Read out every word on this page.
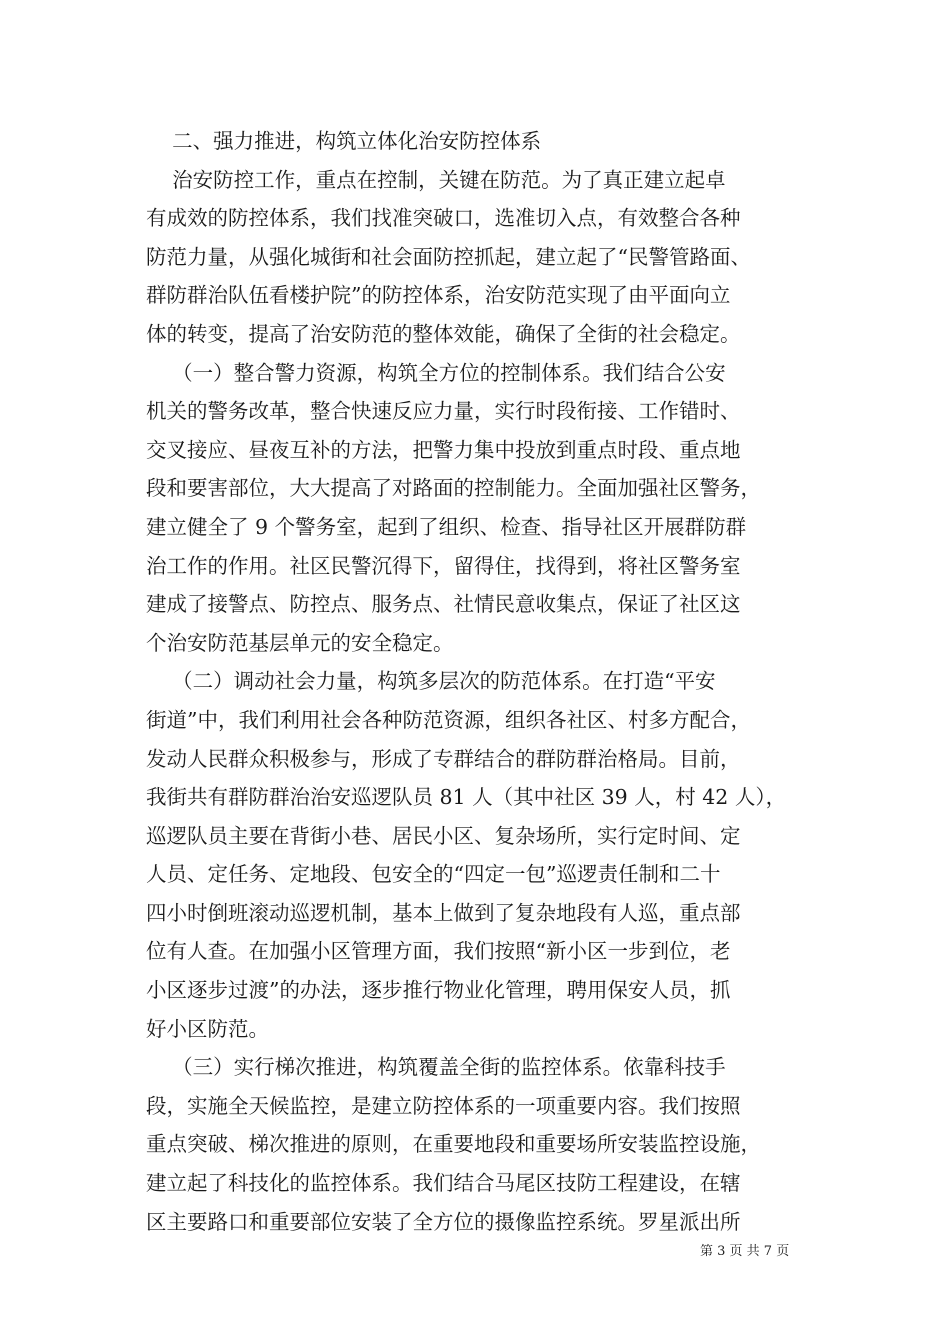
二、强力推进，构筑立体化治安防控体系
治安防控工作，重点在控制，关键在防范。为了真正建立起卓
有成效的防控体系，我们找准突破口，选准切入点，有效整合各种
防范力量，从强化城街和社会面防控抓起，建立起了“民警管路面、
群防群治队伍看楼护院”的防控体系，治安防范实现了由平面向立
体的转变，提高了治安防范的整体效能，确保了全街的社会稳定。
（一）整合警力资源，构筑全方位的控制体系。我们结合公安
机关的警务改革，整合快速反应力量，实行时段衔接、工作错时、
交叉接应、昼夜互补的方法，把警力集中投放到重点时段、重点地
段和要害部位，大大提高了对路面的控制能力。全面加强社区警务，
建立健全了 9 个警务室，起到了组织、检查、指导社区开展群防群
治工作的作用。社区民警沉得下，留得住，找得到，将社区警务室
建成了接警点、防控点、服务点、社情民意收集点，保证了社区这
个治安防范基层单元的安全稳定。
（二）调动社会力量，构筑多层次的防范体系。在打造“平安
街道”中，我们利用社会各种防范资源，组织各社区、村多方配合，
发动人民群众积极参与，形成了专群结合的群防群治格局。目前，
我街共有群防群治治安巡逻队员 81 人（其中社区 39 人，村 42 人），
巡逻队员主要在背街小巷、居民小区、复杂场所，实行定时间、定
人员、定任务、定地段、包安全的“四定一包”巡逻责任制和二十
四小时倒班滚动巡逻机制，基本上做到了复杂地段有人巡，重点部
位有人查。在加强小区管理方面，我们按照“新小区一步到位，老
小区逐步过渡”的办法，逐步推行物业化管理，聘用保安人员，抓
好小区防范。
（三）实行梯次推进，构筑覆盖全街的监控体系。依靠科技手
段，实施全天候监控，是建立防控体系的一项重要内容。我们按照
重点突破、梯次推进的原则，在重要地段和重要场所安装监控设施，
建立起了科技化的监控体系。我们结合马尾区技防工程建设，在辖
区主要路口和重要部位安装了全方位的摄像监控系统。罗星派出所
第 3 页 共 7 页
